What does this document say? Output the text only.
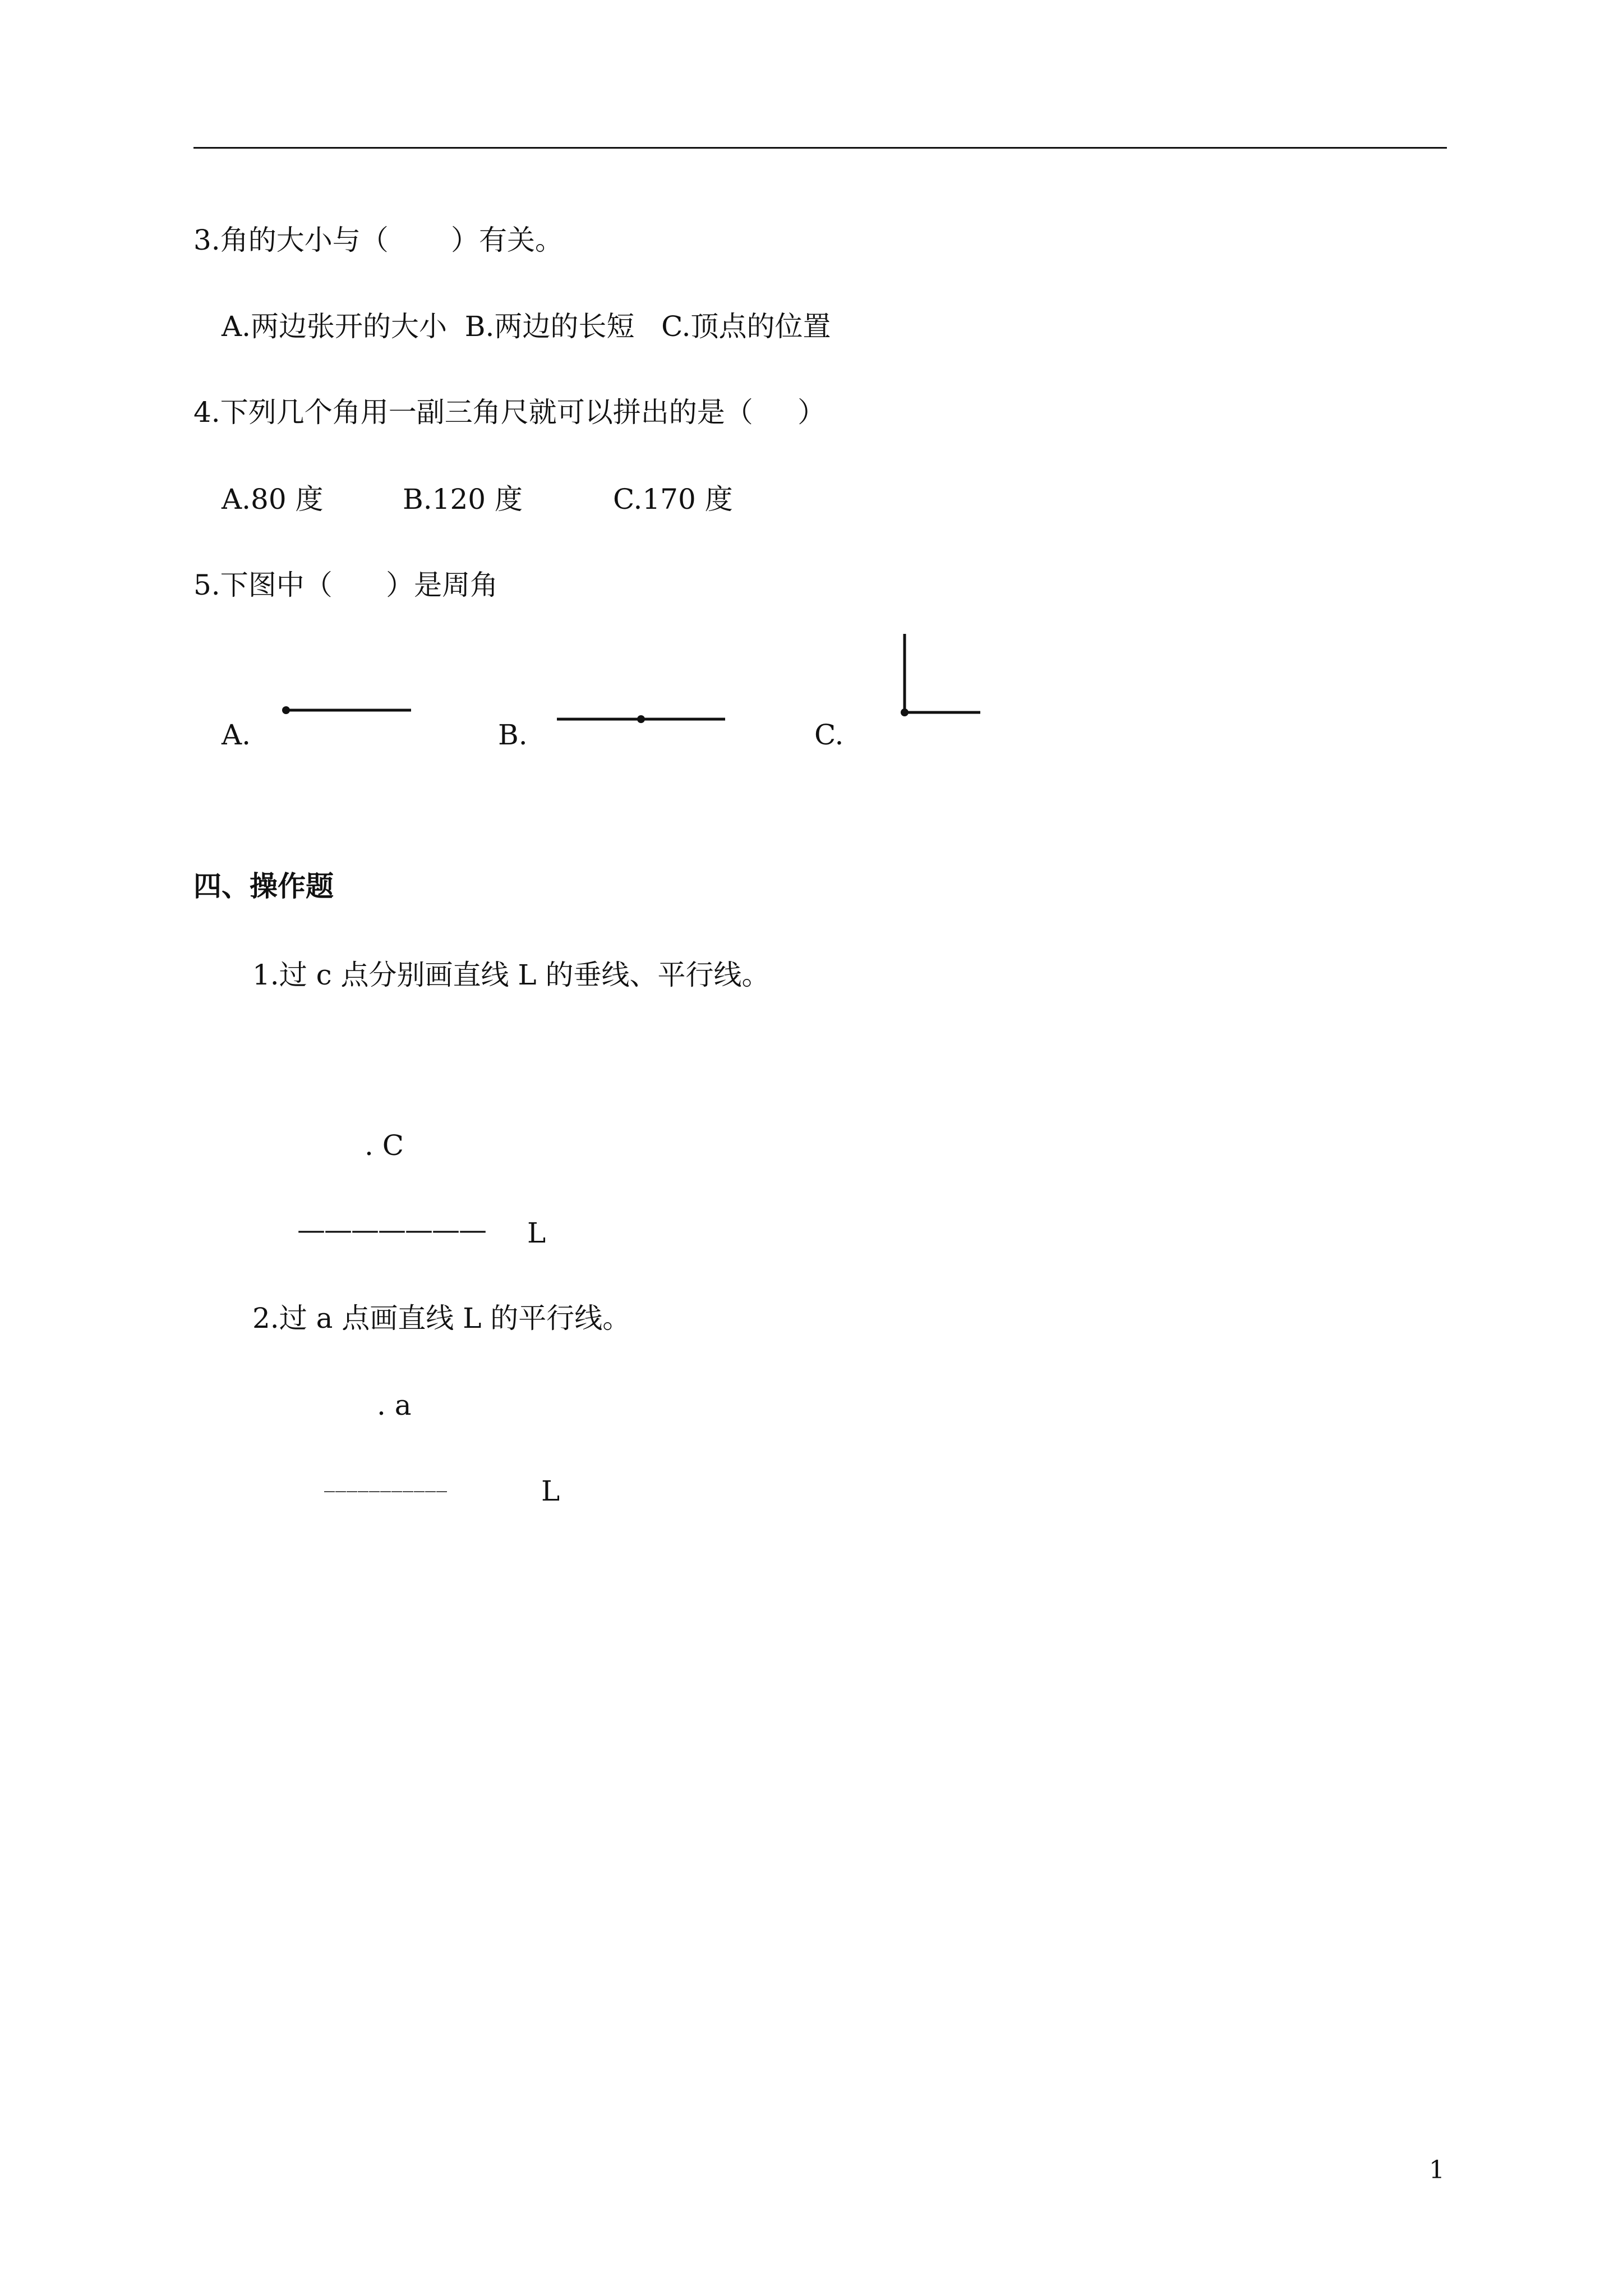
3.角的大小与（       ）有关。
A.两边张开的大小  B.两边的长短   C.顶点的位置
4.下列几个角用一副三角尺就可以拼出的是（     ）
A.80 度	B.120 度	C.170 度
5.下图中（      ）是周角
A.	B.	C.
四、操作题
1.过 c 点分别画直线 L 的垂线、平行线。
. C
——————— L
2.过 a 点画直线 L 的平行线。
. a
___________	L
1
